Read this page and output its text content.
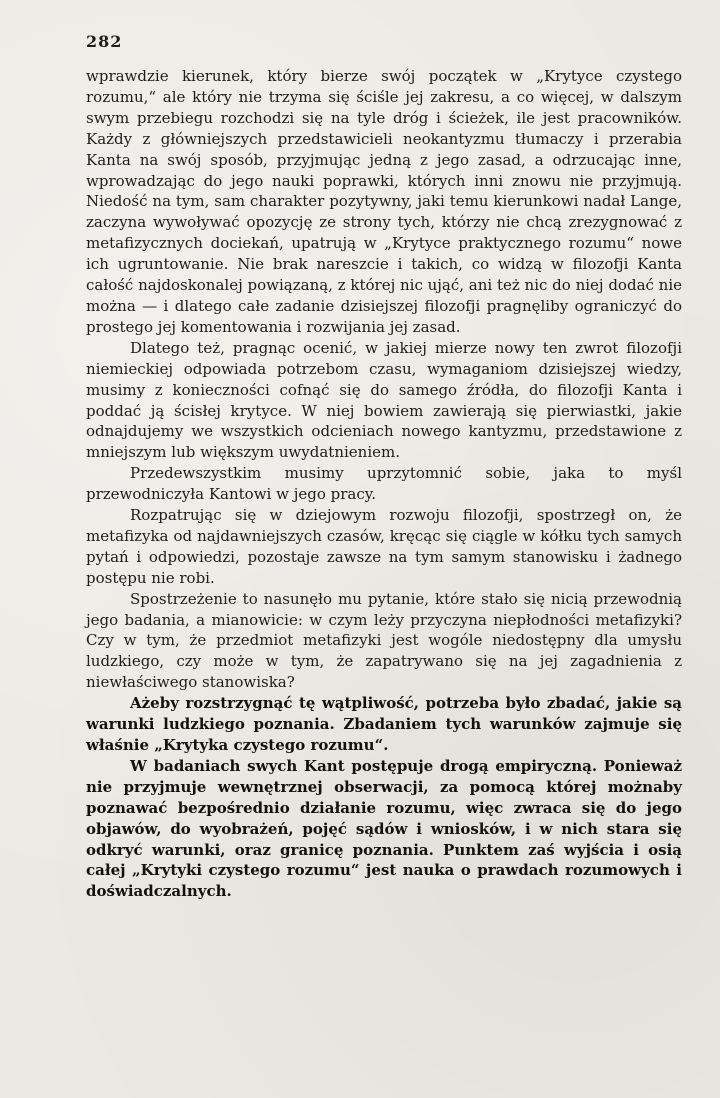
282

wprawdzie kierunek, który bierze swój początek w „Krytyce czystego rozumu,“ ale który nie trzyma się ściśle jej zakresu, a co więcej, w dalszym swym przebiegu rozchodzi się na tyle dróg i ścieżek, ile jest pracowników. Każdy z główniejszych przedstawicieli neokantyzmu tłumaczy i przerabia Kanta na swój sposób, przyjmując jedną z jego zasad, a odrzucając inne, wprowadzając do jego nauki poprawki, których inni znowu nie przyjmują. Niedość na tym, sam charakter pozytywny, jaki temu kierunkowi nadał Lange, zaczyna wywoływać opozycję ze strony tych, którzy nie chcą zrezygnować z metafizycznych dociekań, upatrują w „Krytyce praktycznego rozumu“ nowe ich ugruntowanie. Nie brak nareszcie i takich, co widzą w filozofji Kanta całość najdoskonalej powiązaną, z której nic ująć, ani też nic do niej dodać nie można — i dlatego całe zadanie dzisiejszej filozofji pragnęliby ograniczyć do prostego jej komentowania i rozwijania jej zasad.

Dlatego też, pragnąc ocenić, w jakiej mierze nowy ten zwrot filozofji niemieckiej odpowiada potrzebom czasu, wymaganiom dzisiejszej wiedzy, musimy z konieczności cofnąć się do samego źródła, do filozofji Kanta i poddać ją ścisłej krytyce. W niej bowiem zawierają się pierwiastki, jakie odnajdujemy we wszystkich odcieniach nowego kantyzmu, przedstawione z mniejszym lub większym uwydatnieniem.

Przedewszystkim musimy uprzytomnić sobie, jaka to myśl przewodniczyła Kantowi w jego pracy.

Rozpatrując się w dziejowym rozwoju filozofji, spostrzegł on, że metafizyka od najdawniejszych czasów, kręcąc się ciągle w kółku tych samych pytań i odpowiedzi, pozostaje zawsze na tym samym stanowisku i żadnego postępu nie robi.

Spostrzeżenie to nasunęło mu pytanie, które stało się nicią przewodnią jego badania, a mianowicie: w czym leży przyczyna niepłodności metafizyki? Czy w tym, że przedmiot metafizyki jest wogóle niedostępny dla umysłu ludzkiego, czy może w tym, że zapatrywano się na jej zagadnienia z niewłaściwego stanowiska?

Ażeby rozstrzygnąć tę wątpliwość, potrzeba było zbadać, jakie są warunki ludzkiego poznania. Zbadaniem tych warunków zajmuje się właśnie „Krytyka czystego rozumu“.

W badaniach swych Kant postępuje drogą empiryczną. Ponieważ nie przyjmuje wewnętrznej obserwacji, za pomocą której możnaby poznawać bezpośrednio działanie rozumu, więc zwraca się do jego objawów, do wyobrażeń, pojęć sądów i wniosków, i w nich stara się odkryć warunki, oraz granicę poznania. Punktem zaś wyjścia i osią całej „Krytyki czystego rozumu“ jest nauka o prawdach rozumowych i doświadczalnych.
